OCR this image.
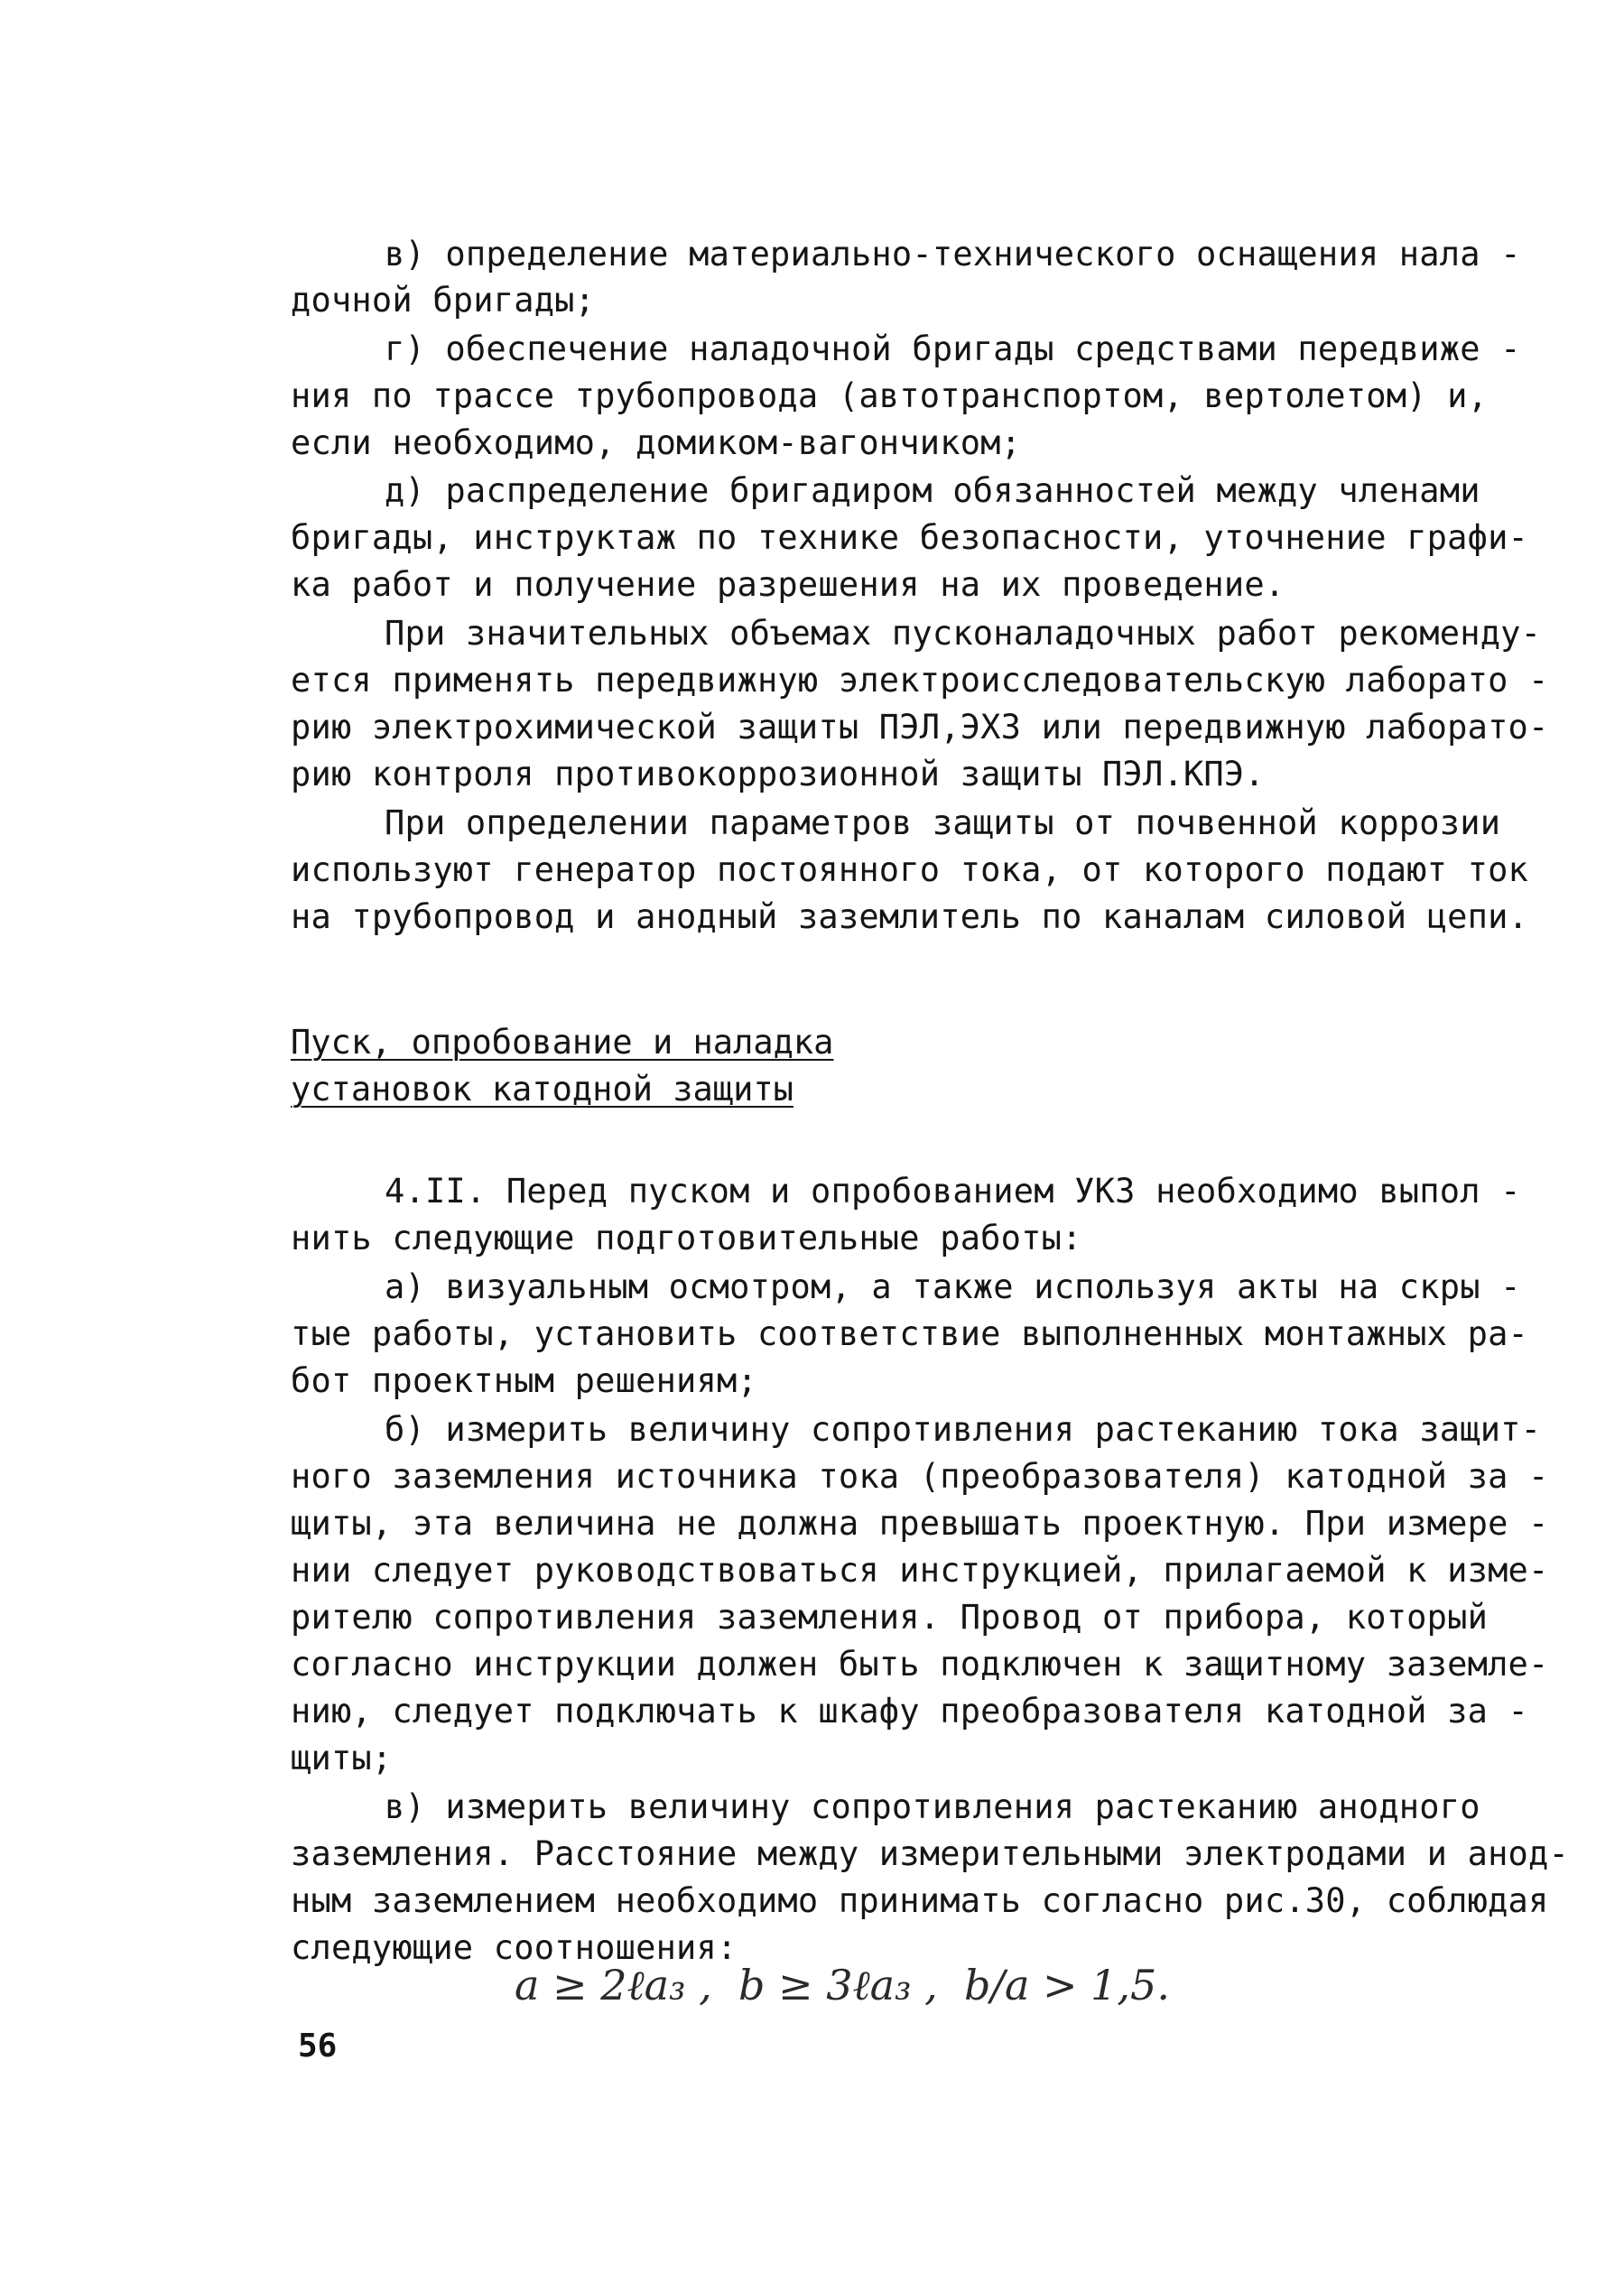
в) определение материально-технического оснащения нала -
дочной бригады;
г) обеспечение наладочной бригады средствами передвиже -
ния по трассе трубопровода (автотранспортом, вертолетом) и,
если необходимо, домиком-вагончиком;
д) распределение бригадиром обязанностей между членами
бригады, инструктаж по технике безопасности, уточнение графи-
ка работ и получение разрешения на их проведение.
При значительных объемах пусконаладочных работ рекоменду-
ется применять передвижную электроисследовательскую лаборато -
рию электрохимической защиты ПЭЛ,ЭХЗ или передвижную лаборато-
рию контроля противокоррозионной защиты ПЭЛ.КПЭ.
При определении параметров защиты от почвенной коррозии
используют генератор постоянного тока, от которого подают ток
на трубопровод и анодный заземлитель по каналам силовой цепи.
Пуск, опробование и наладка
установок катодной защиты
4.II. Перед пуском и опробованием УКЗ необходимо выпол -
нить следующие подготовительные работы:
а) визуальным осмотром, а также используя акты на скры -
тые работы, установить соответствие выполненных монтажных ра-
бот проектным решениям;
б) измерить величину сопротивления растеканию тока защит-
ного заземления источника тока (преобразователя) катодной за -
щиты, эта величина не должна превышать проектную. При измере -
нии следует руководствоваться инструкцией, прилагаемой к изме-
рителю сопротивления заземления. Провод от прибора, который
согласно инструкции должен быть подключен к защитному заземле-
нию, следует подключать к шкафу преобразователя катодной за -
щиты;
в) измерить величину сопротивления растеканию анодного
заземления. Расстояние между измерительными электродами и анод-
ным заземлением необходимо принимать согласно рис.30, соблюдая
следующие соотношения:
a ≥ 2ℓa₃ ,  b ≥ 3ℓa₃ ,  b/a > 1,5.
56
